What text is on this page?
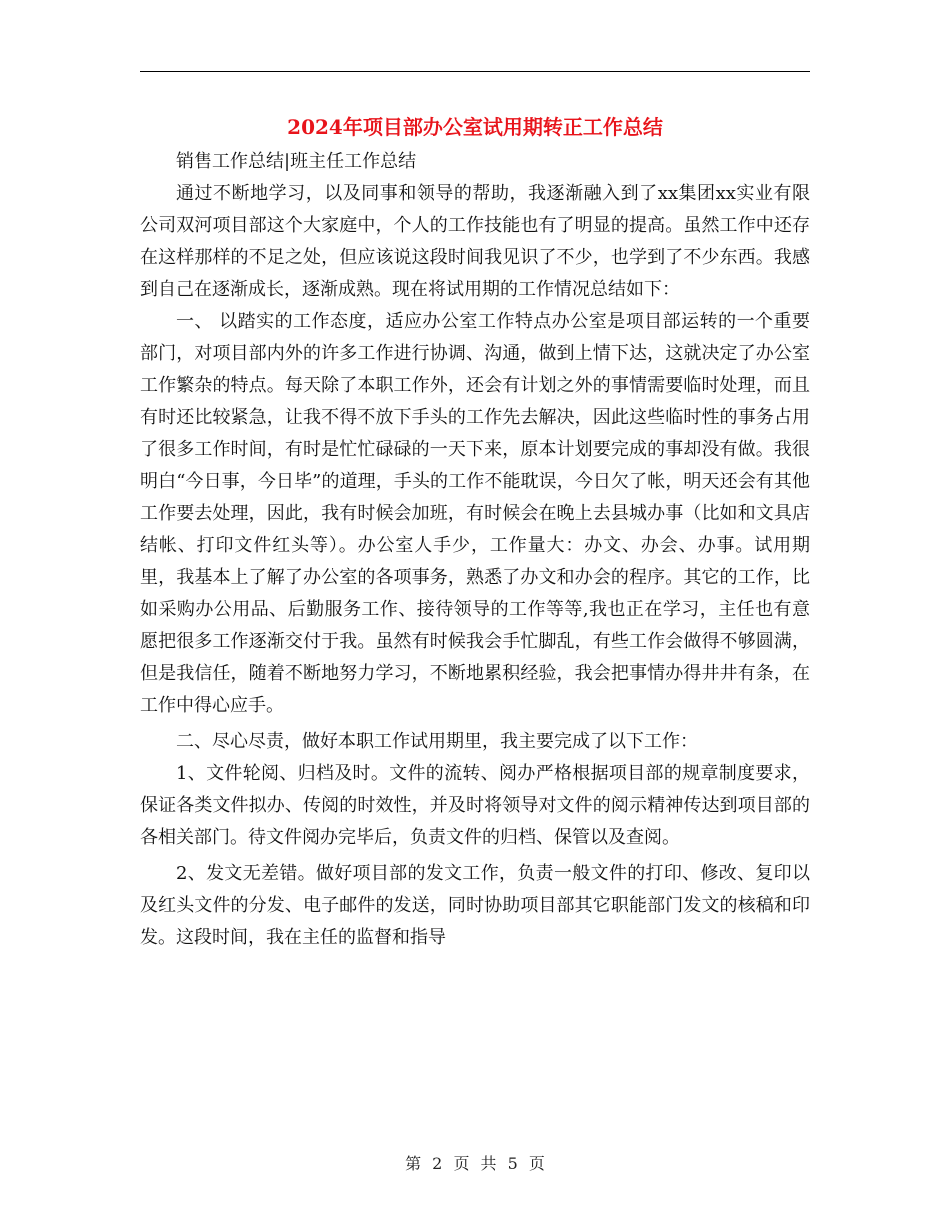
2024年项目部办公室试用期转正工作总结

销售工作总结|班主任工作总结

通过不断地学习，以及同事和领导的帮助，我逐渐融入到了xx集团xx实业有限公司双河项目部这个大家庭中，个人的工作技能也有了明显的提高。虽然工作中还存在这样那样的不足之处，但应该说这段时间我见识了不少，也学到了不少东西。我感到自己在逐渐成长，逐渐成熟。现在将试用期的工作情况总结如下：

一、 以踏实的工作态度，适应办公室工作特点办公室是项目部运转的一个重要部门，对项目部内外的许多工作进行协调、沟通，做到上情下达，这就决定了办公室工作繁杂的特点。每天除了本职工作外，还会有计划之外的事情需要临时处理，而且有时还比较紧急，让我不得不放下手头的工作先去解决，因此这些临时性的事务占用了很多工作时间，有时是忙忙碌碌的一天下来，原本计划要完成的事却没有做。我很明白“今日事，今日毕”的道理，手头的工作不能耽误，今日欠了帐，明天还会有其他工作要去处理，因此，我有时候会加班，有时候会在晚上去县城办事（比如和文具店结帐、打印文件红头等）。办公室人手少，工作量大：办文、办会、办事。试用期里，我基本上了解了办公室的各项事务，熟悉了办文和办会的程序。其它的工作，比如采购办公用品、后勤服务工作、接待领导的工作等等,我也正在学习，主任也有意愿把很多工作逐渐交付于我。虽然有时候我会手忙脚乱，有些工作会做得不够圆满，但是我信任，随着不断地努力学习，不断地累积经验，我会把事情办得井井有条，在工作中得心应手。

二、尽心尽责，做好本职工作试用期里，我主要完成了以下工作：

1、文件轮阅、归档及时。文件的流转、阅办严格根据项目部的规章制度要求，保证各类文件拟办、传阅的时效性，并及时将领导对文件的阅示精神传达到项目部的各相关部门。待文件阅办完毕后，负责文件的归档、保管以及查阅。

2、发文无差错。做好项目部的发文工作，负责一般文件的打印、修改、复印以及红头文件的分发、电子邮件的发送，同时协助项目部其它职能部门发文的核稿和印发。这段时间，我在主任的监督和指导

第 2 页 共 5 页
